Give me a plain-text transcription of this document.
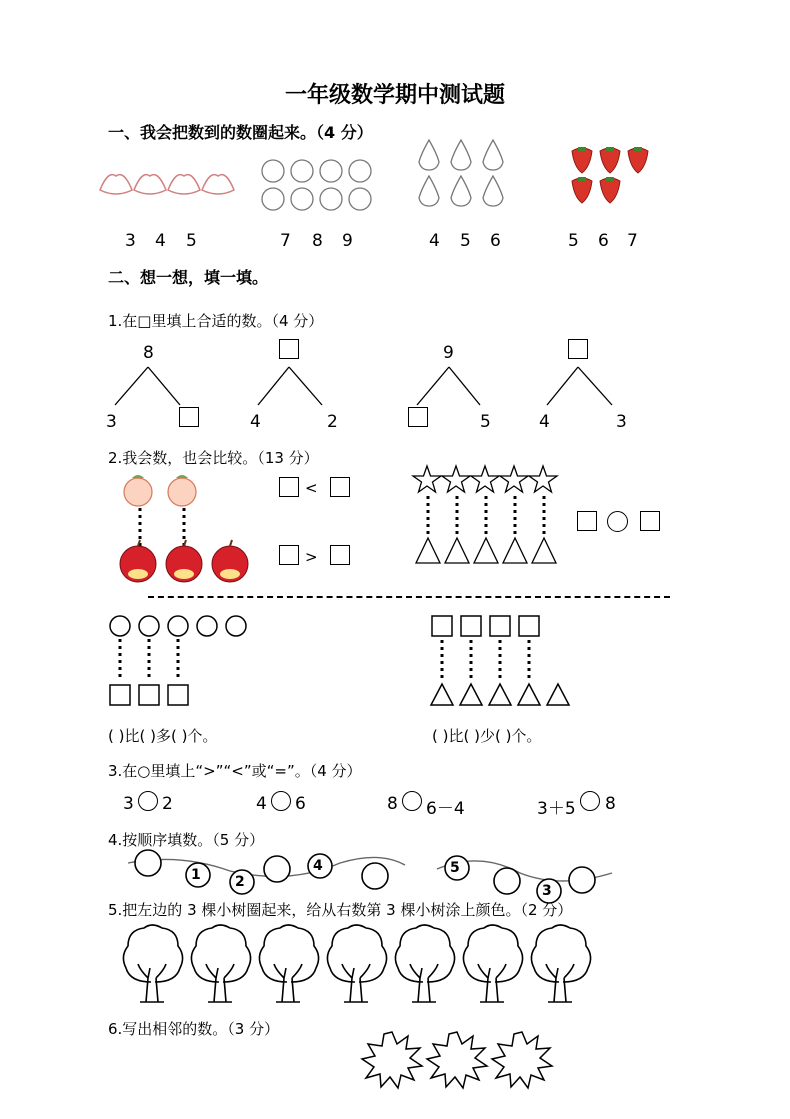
一年级数学期中测试题
一、我会把数到的数圈起来。（4 分）
3 4 5	7 8 9	4 5 6	5 6 7
二、想一想，填一填。
1.在□里填上合适的数。（4 分）
8
3	4	2
9
5	4	3
2.我会数，也会比较。（13 分）
<
>
( )比( )多( )个。	( )比( )少( )个。
3.在○里填上“>”“<”或“=”。（4 分）
3 2	4 6	8 6－4	3＋5 8
4.按顺序填数。（5 分）
1 2
4	5
3
5.把左边的 3 棵小树圈起来，给从右数第 3 棵小树涂上颜色。（2 分）
6.写出相邻的数。（3 分）
